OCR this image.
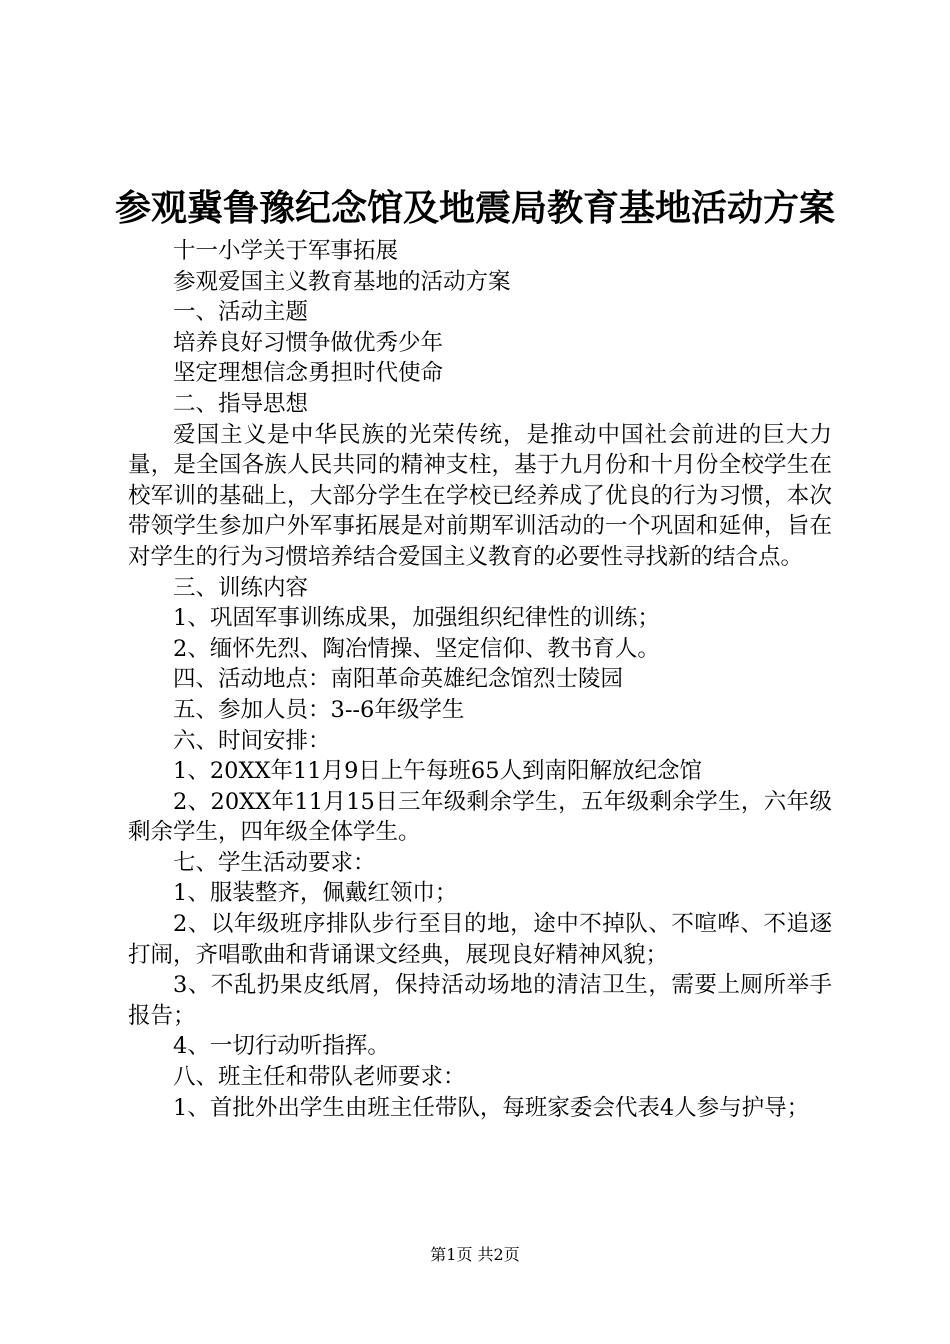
参观冀鲁豫纪念馆及地震局教育基地活动方案

十一小学关于军事拓展

参观爱国主义教育基地的活动方案

一、活动主题

培养良好习惯争做优秀少年

坚定理想信念勇担时代使命

二、指导思想

爱国主义是中华民族的光荣传统，是推动中国社会前进的巨大力量，是全国各族人民共同的精神支柱，基于九月份和十月份全校学生在校军训的基础上，大部分学生在学校已经养成了优良的行为习惯，本次带领学生参加户外军事拓展是对前期军训活动的一个巩固和延伸，旨在对学生的行为习惯培养结合爱国主义教育的必要性寻找新的结合点。

三、训练内容

1、巩固军事训练成果，加强组织纪律性的训练；

2、缅怀先烈、陶冶情操、坚定信仰、教书育人。

四、活动地点：南阳革命英雄纪念馆烈士陵园

五、参加人员：3--6年级学生

六、时间安排：

1、20XX年11月9日上午每班65人到南阳解放纪念馆

2、20XX年11月15日三年级剩余学生，五年级剩余学生，六年级剩余学生，四年级全体学生。

七、学生活动要求：

1、服装整齐，佩戴红领巾；

2、以年级班序排队步行至目的地，途中不掉队、不喧哗、不追逐打闹，齐唱歌曲和背诵课文经典，展现良好精神风貌；

3、不乱扔果皮纸屑，保持活动场地的清洁卫生，需要上厕所举手报告；

4、一切行动听指挥。

八、班主任和带队老师要求：

1、首批外出学生由班主任带队，每班家委会代表4人参与护导；

第1页 共2页
